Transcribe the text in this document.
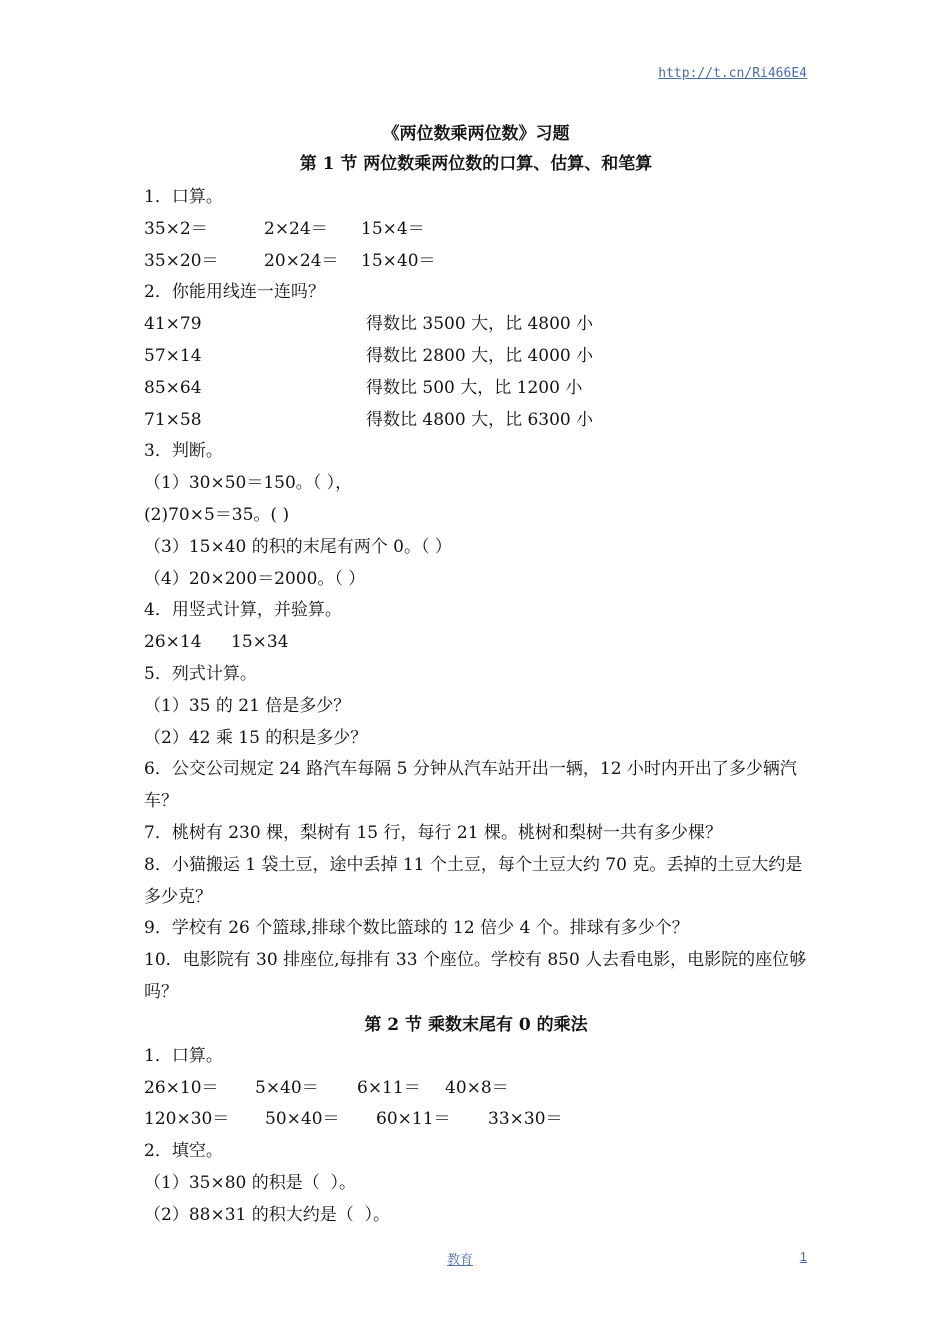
http://t.cn/Ri466E4
《两位数乘两位数》习题
第 1 节 两位数乘两位数的口算、估算、和笔算
1．口算。
35×2＝	2×24＝	15×4＝
35×20＝	20×24＝	15×40＝
2．你能用线连一连吗？
41×79	得数比 3500 大，比 4800 小
57×14	得数比 2800 大，比 4000 小
85×64	得数比 500 大，比 1200 小
71×58	得数比 4800 大，比 6300 小
3．判断。
（1）30×50＝150。（ ），
(2)70×5＝35。( )
（3）15×40 的积的末尾有两个 0。（ ）
（4）20×200＝2000。（ ）
4．用竖式计算，并验算。
26×14	15×34
5．列式计算。
（1）35 的 21 倍是多少？
（2）42 乘 15 的积是多少？
6．公交公司规定 24 路汽车每隔 5 分钟从汽车站开出一辆，12 小时内开出了多少辆汽车？
7．桃树有 230 棵，梨树有 15 行，每行 21 棵。桃树和梨树一共有多少棵？
8．小猫搬运 1 袋土豆，途中丢掉 11 个土豆，每个土豆大约 70 克。丢掉的土豆大约是多少克？
9．学校有 26 个篮球,排球个数比篮球的 12 倍少 4 个。排球有多少个？
10．电影院有 30 排座位,每排有 33 个座位。学校有 850 人去看电影，电影院的座位够吗？
第 2 节 乘数末尾有 0 的乘法
1．口算。
26×10＝	5×40＝	6×11＝	40×8＝
120×30＝	50×40＝	60×11＝	33×30＝
2．填空。
（1）35×80 的积是（  ）。
（2）88×31 的积大约是（  ）。
教育	1
